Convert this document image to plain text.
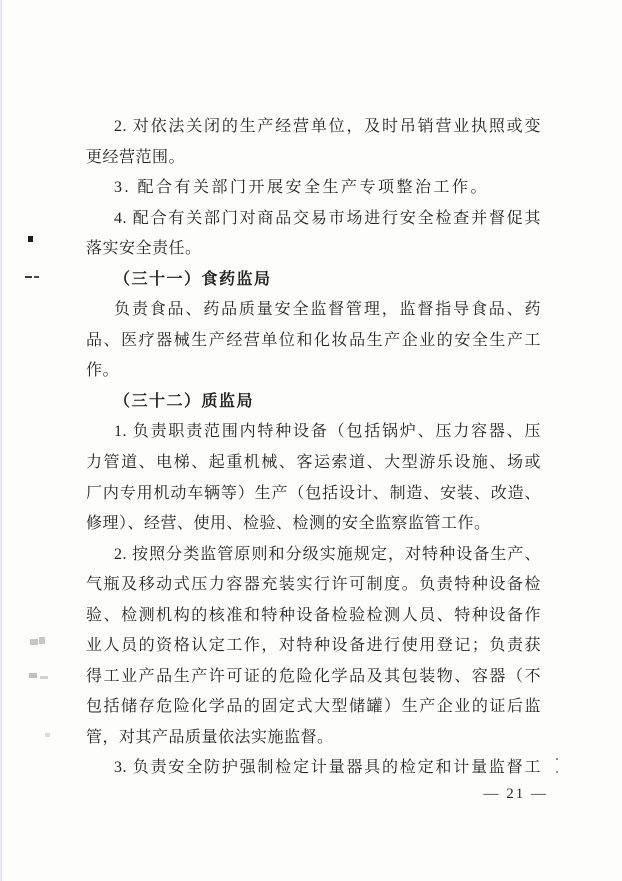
2. 对依法关闭的生产经营单位，及时吊销营业执照或变
更经营范围。
3. 配合有关部门开展安全生产专项整治工作。
4. 配合有关部门对商品交易市场进行安全检查并督促其
落实安全责任。
（三十一）食药监局
负责食品、药品质量安全监督管理，监督指导食品、药
品、医疗器械生产经营单位和化妆品生产企业的安全生产工
作。
（三十二）质监局
1. 负责职责范围内特种设备（包括锅炉、压力容器、压
力管道、电梯、起重机械、客运索道、大型游乐设施、场或
厂内专用机动车辆等）生产（包括设计、制造、安装、改造、
修理）、经营、使用、检验、检测的安全监察监管工作。
2. 按照分类监管原则和分级实施规定，对特种设备生产、
气瓶及移动式压力容器充装实行许可制度。负责特种设备检
验、检测机构的核准和特种设备检验检测人员、特种设备作
业人员的资格认定工作，对特种设备进行使用登记；负责获
得工业产品生产许可证的危险化学品及其包装物、容器（不
包括储存危险化学品的固定式大型储罐）生产企业的证后监
管，对其产品质量依法实施监督。
3. 负责安全防护强制检定计量器具的检定和计量监督工
— 21 —
